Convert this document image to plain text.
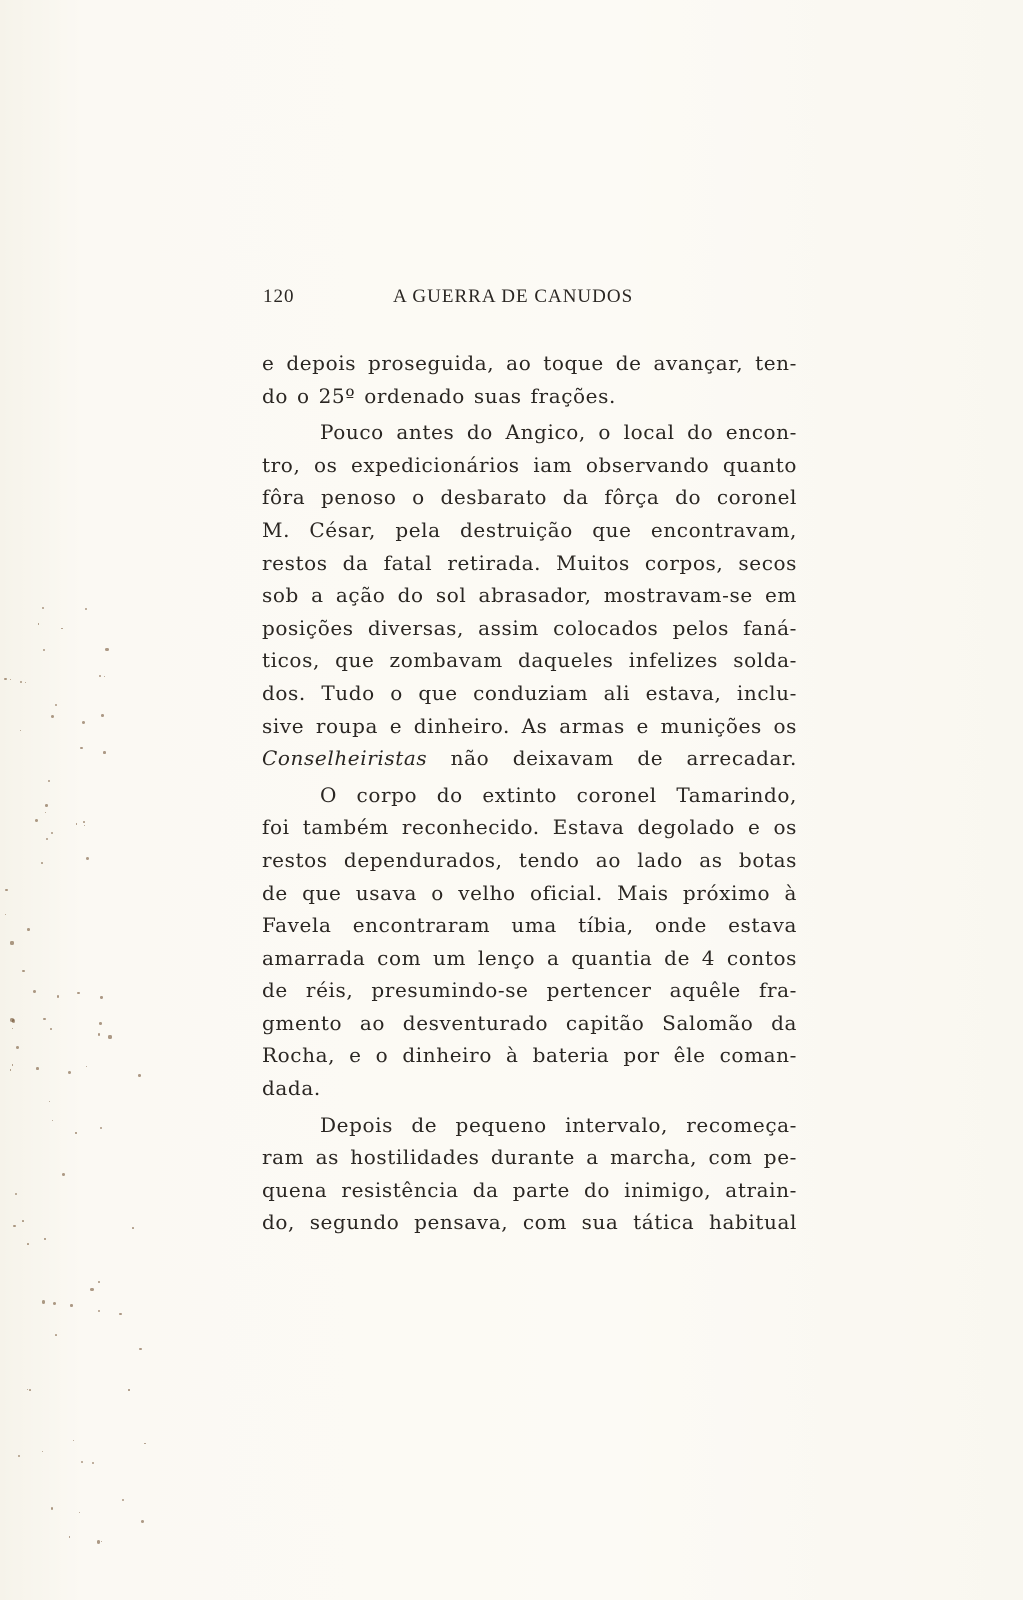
120	A GUERRA DE CANUDOS

e depois proseguida, ao toque de avançar, ten-
do o 25º ordenado suas frações.

Pouco antes do Angico, o local do encon-
tro, os expedicionários iam observando quanto
fôra penoso o desbarato da fôrça do coronel
M. César, pela destruição que encontravam,
restos da fatal retirada. Muitos corpos, secos
sob a ação do sol abrasador, mostravam-se em
posições diversas, assim colocados pelos faná-
ticos, que zombavam daqueles infelizes solda-
dos. Tudo o que conduziam ali estava, inclu-
sive roupa e dinheiro. As armas e munições os
Conselheiristas não deixavam de arrecadar.

O corpo do extinto coronel Tamarindo,
foi também reconhecido. Estava degolado e os
restos dependurados, tendo ao lado as botas
de que usava o velho oficial. Mais próximo à
Favela encontraram uma tíbia, onde estava
amarrada com um lenço a quantia de 4 contos
de réis, presumindo-se pertencer aquêle fra-
gmento ao desventurado capitão Salomão da
Rocha, e o dinheiro à bateria por êle coman-
dada.

Depois de pequeno intervalo, recomeça-
ram as hostilidades durante a marcha, com pe-
quena resistência da parte do inimigo, atrain-
do, segundo pensava, com sua tática habitual
